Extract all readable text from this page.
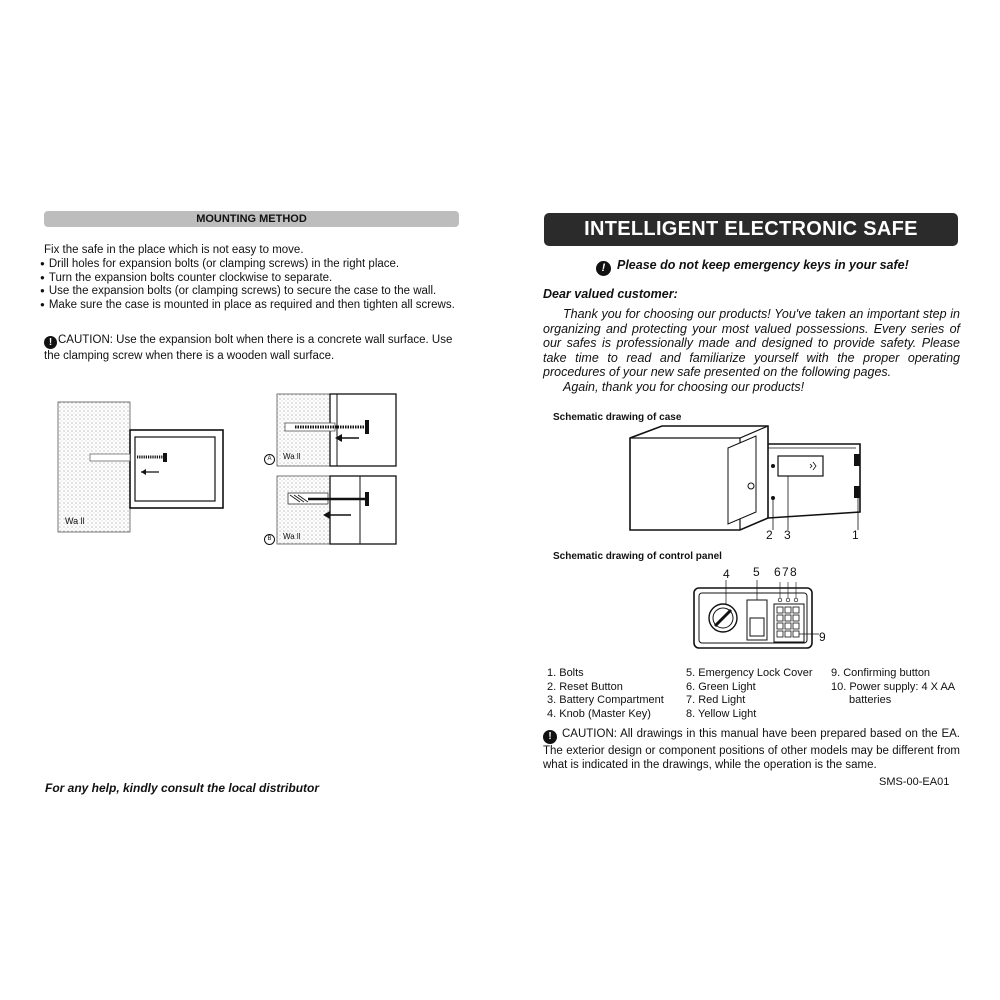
MOUNTING METHOD
Fix the safe in the place which is not easy to move.
● Drill holes for expansion bolts (or clamping screws) in the right place.
● Turn the expansion bolts counter clockwise to separate.
● Use the expansion bolts (or clamping screws) to secure the case to the wall.
● Make sure the case is mounted in place as required and then tighten all screws.
! CAUTION: Use the expansion bolt when there is a concrete wall surface. Use the clamping screw when there is a wooden wall surface.
Wa ll
Wa ll
Wa ll
A
B
For any help, kindly consult the local distributor
INTELLIGENT ELECTRONIC SAFE
! Please do not keep emergency keys in your safe!
Dear valued customer:

Thank you for choosing our products! You've taken an important step in organizing and protecting your most valued possessions. Every series of our safes is professionally made and designed to provide safety. Please take time to read and familiarize yourself with the proper operating procedures of your new safe presented on the following pages.

Again, thank you for choosing our products!
Schematic drawing of case
2 3	1
Schematic drawing of control panel
4 5 6 7 8
9
1. Bolts
2. Reset Button
3. Battery Compartment
4. Knob (Master Key)
5. Emergency Lock Cover
6. Green Light
7. Red Light
8. Yellow Light
9. Confirming button
10. Power supply: 4 X AA
batteries
! CAUTION: All drawings in this manual have been prepared based on the EA. The exterior design or component positions of other models may be different from what is indicated in the drawings, while the operation is the same.
SMS-00-EA01
